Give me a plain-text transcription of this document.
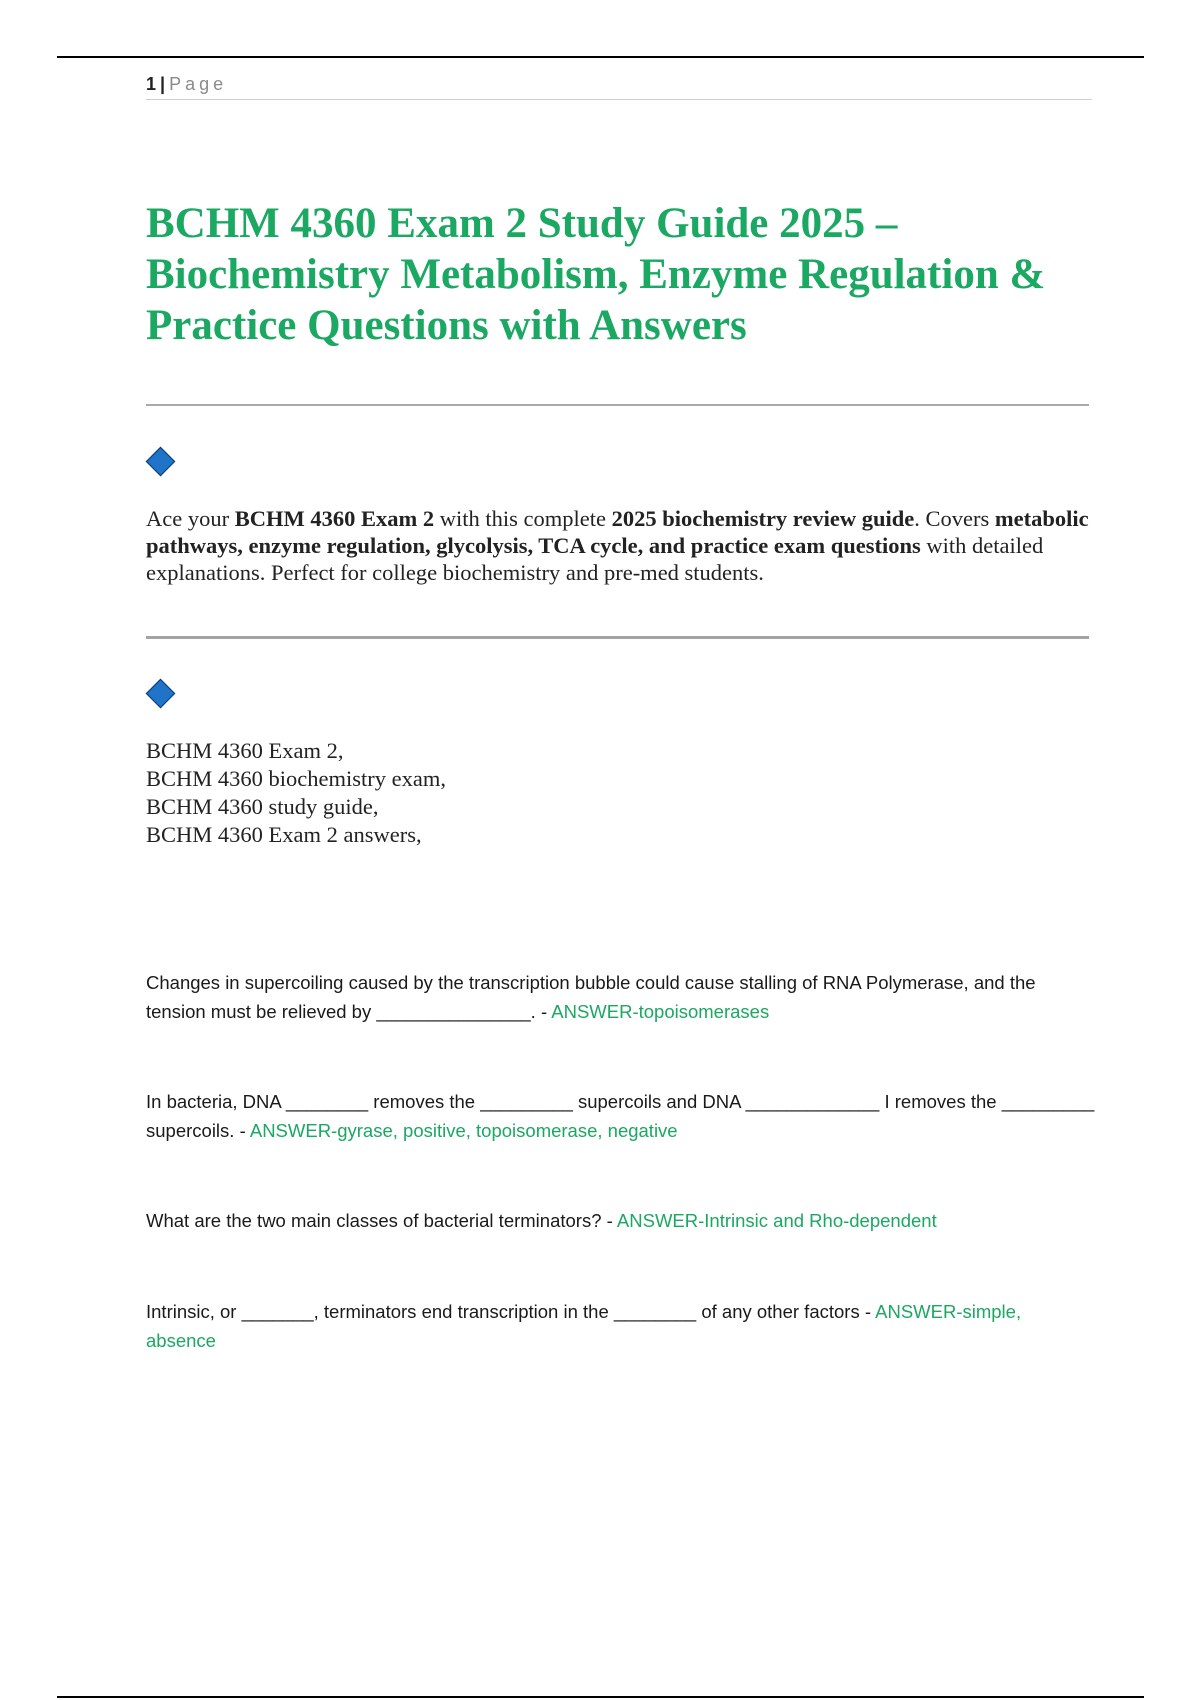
1 | Page
BCHM 4360 Exam 2 Study Guide 2025 – Biochemistry Metabolism, Enzyme Regulation & Practice Questions with Answers

Ace your BCHM 4360 Exam 2 with this complete 2025 biochemistry review guide. Covers metabolic pathways, enzyme regulation, glycolysis, TCA cycle, and practice exam questions with detailed explanations. Perfect for college biochemistry and pre-med students.

BCHM 4360 Exam 2,
BCHM 4360 biochemistry exam,
BCHM 4360 study guide,
BCHM 4360 Exam 2 answers,
Changes in supercoiling caused by the transcription bubble could cause stalling of RNA Polymerase, and the tension must be relieved by _______________. - ANSWER-topoisomerases
In bacteria, DNA ________ removes the _________ supercoils and DNA _____________ I removes the _________ supercoils. - ANSWER-gyrase, positive, topoisomerase, negative
What are the two main classes of bacterial terminators? - ANSWER-Intrinsic and Rho-dependent
Intrinsic, or _______, terminators end transcription in the ________ of any other factors - ANSWER-simple, absence
